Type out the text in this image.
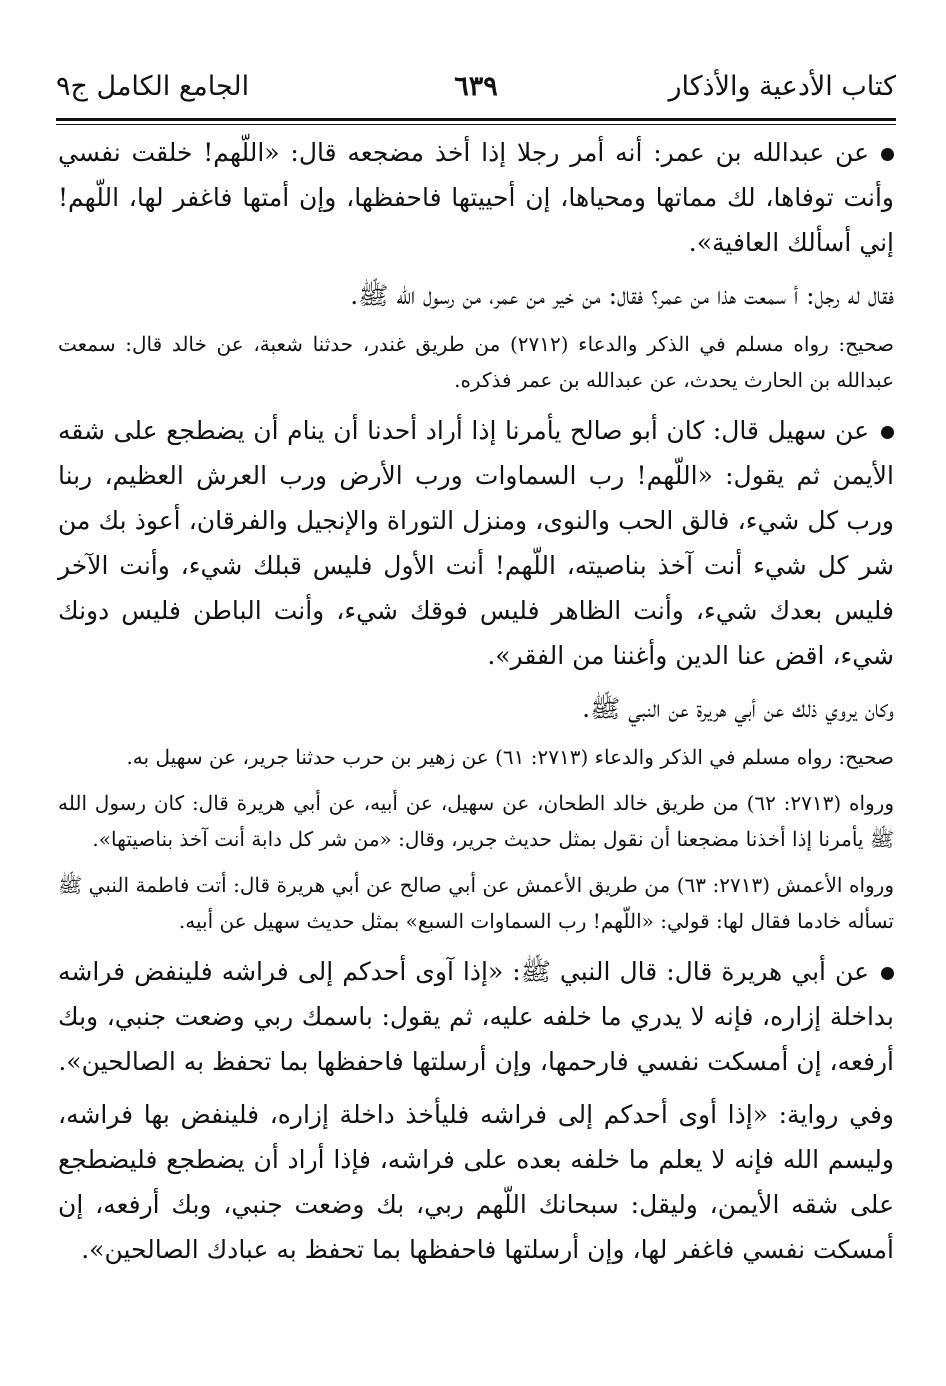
كتاب الأدعية والأذكار
٦٣٩
الجامع الكامل ج٩
عن عبدالله بن عمر: أنه أمر رجلا إذا أخذ مضجعه قال: «اللّهم! خلقت نفسي وأنت توفاها، لك مماتها ومحياها، إن أحييتها فاحفظها، وإن أمتها فاغفر لها، اللّهم! إني أسألك العافية».
فقال له رجل: أ سمعت هذا من عمر؟ فقال: من خير من عمر، من رسول الله ﷺ.
صحيح: رواه مسلم في الذكر والدعاء (٢٧١٢) من طريق غندر، حدثنا شعبة، عن خالد قال: سمعت عبدالله بن الحارث يحدث، عن عبدالله بن عمر فذكره.
عن سهيل قال: كان أبو صالح يأمرنا إذا أراد أحدنا أن ينام أن يضطجع على شقه الأيمن ثم يقول: «اللّهم! رب السماوات ورب الأرض ورب العرش العظيم، ربنا ورب كل شيء، فالق الحب والنوى، ومنزل التوراة والإنجيل والفرقان، أعوذ بك من شر كل شيء أنت آخذ بناصيته، اللّهم! أنت الأول فليس قبلك شيء، وأنت الآخر فليس بعدك شيء، وأنت الظاهر فليس فوقك شيء، وأنت الباطن فليس دونك شيء، اقض عنا الدين وأغننا من الفقر».
وكان يروي ذلك عن أبي هريرة عن النبي ﷺ.
صحيح: رواه مسلم في الذكر والدعاء (٢٧١٣: ٦١) عن زهير بن حرب حدثنا جرير، عن سهيل به.
ورواه (٢٧١٣: ٦٢) من طريق خالد الطحان، عن سهيل، عن أبيه، عن أبي هريرة قال: كان رسول الله ﷺ يأمرنا إذا أخذنا مضجعنا أن نقول بمثل حديث جرير، وقال: «من شر كل دابة أنت آخذ بناصيتها».
ورواه الأعمش (٢٧١٣: ٦٣) من طريق الأعمش عن أبي صالح عن أبي هريرة قال: أتت فاطمة النبي ﷺ تسأله خادما فقال لها: قولي: «اللّهم! رب السماوات السبع» بمثل حديث سهيل عن أبيه.
عن أبي هريرة قال: قال النبي ﷺ: «إذا آوى أحدكم إلى فراشه فلينفض فراشه بداخلة إزاره، فإنه لا يدري ما خلفه عليه، ثم يقول: باسمك ربي وضعت جنبي، وبك أرفعه، إن أمسكت نفسي فارحمها، وإن أرسلتها فاحفظها بما تحفظ به الصالحين».
وفي رواية: «إذا أوى أحدكم إلى فراشه فليأخذ داخلة إزاره، فلينفض بها فراشه، وليسم الله فإنه لا يعلم ما خلفه بعده على فراشه، فإذا أراد أن يضطجع فليضطجع على شقه الأيمن، وليقل: سبحانك اللّهم ربي، بك وضعت جنبي، وبك أرفعه، إن أمسكت نفسي فاغفر لها، وإن أرسلتها فاحفظها بما تحفظ به عبادك الصالحين».
